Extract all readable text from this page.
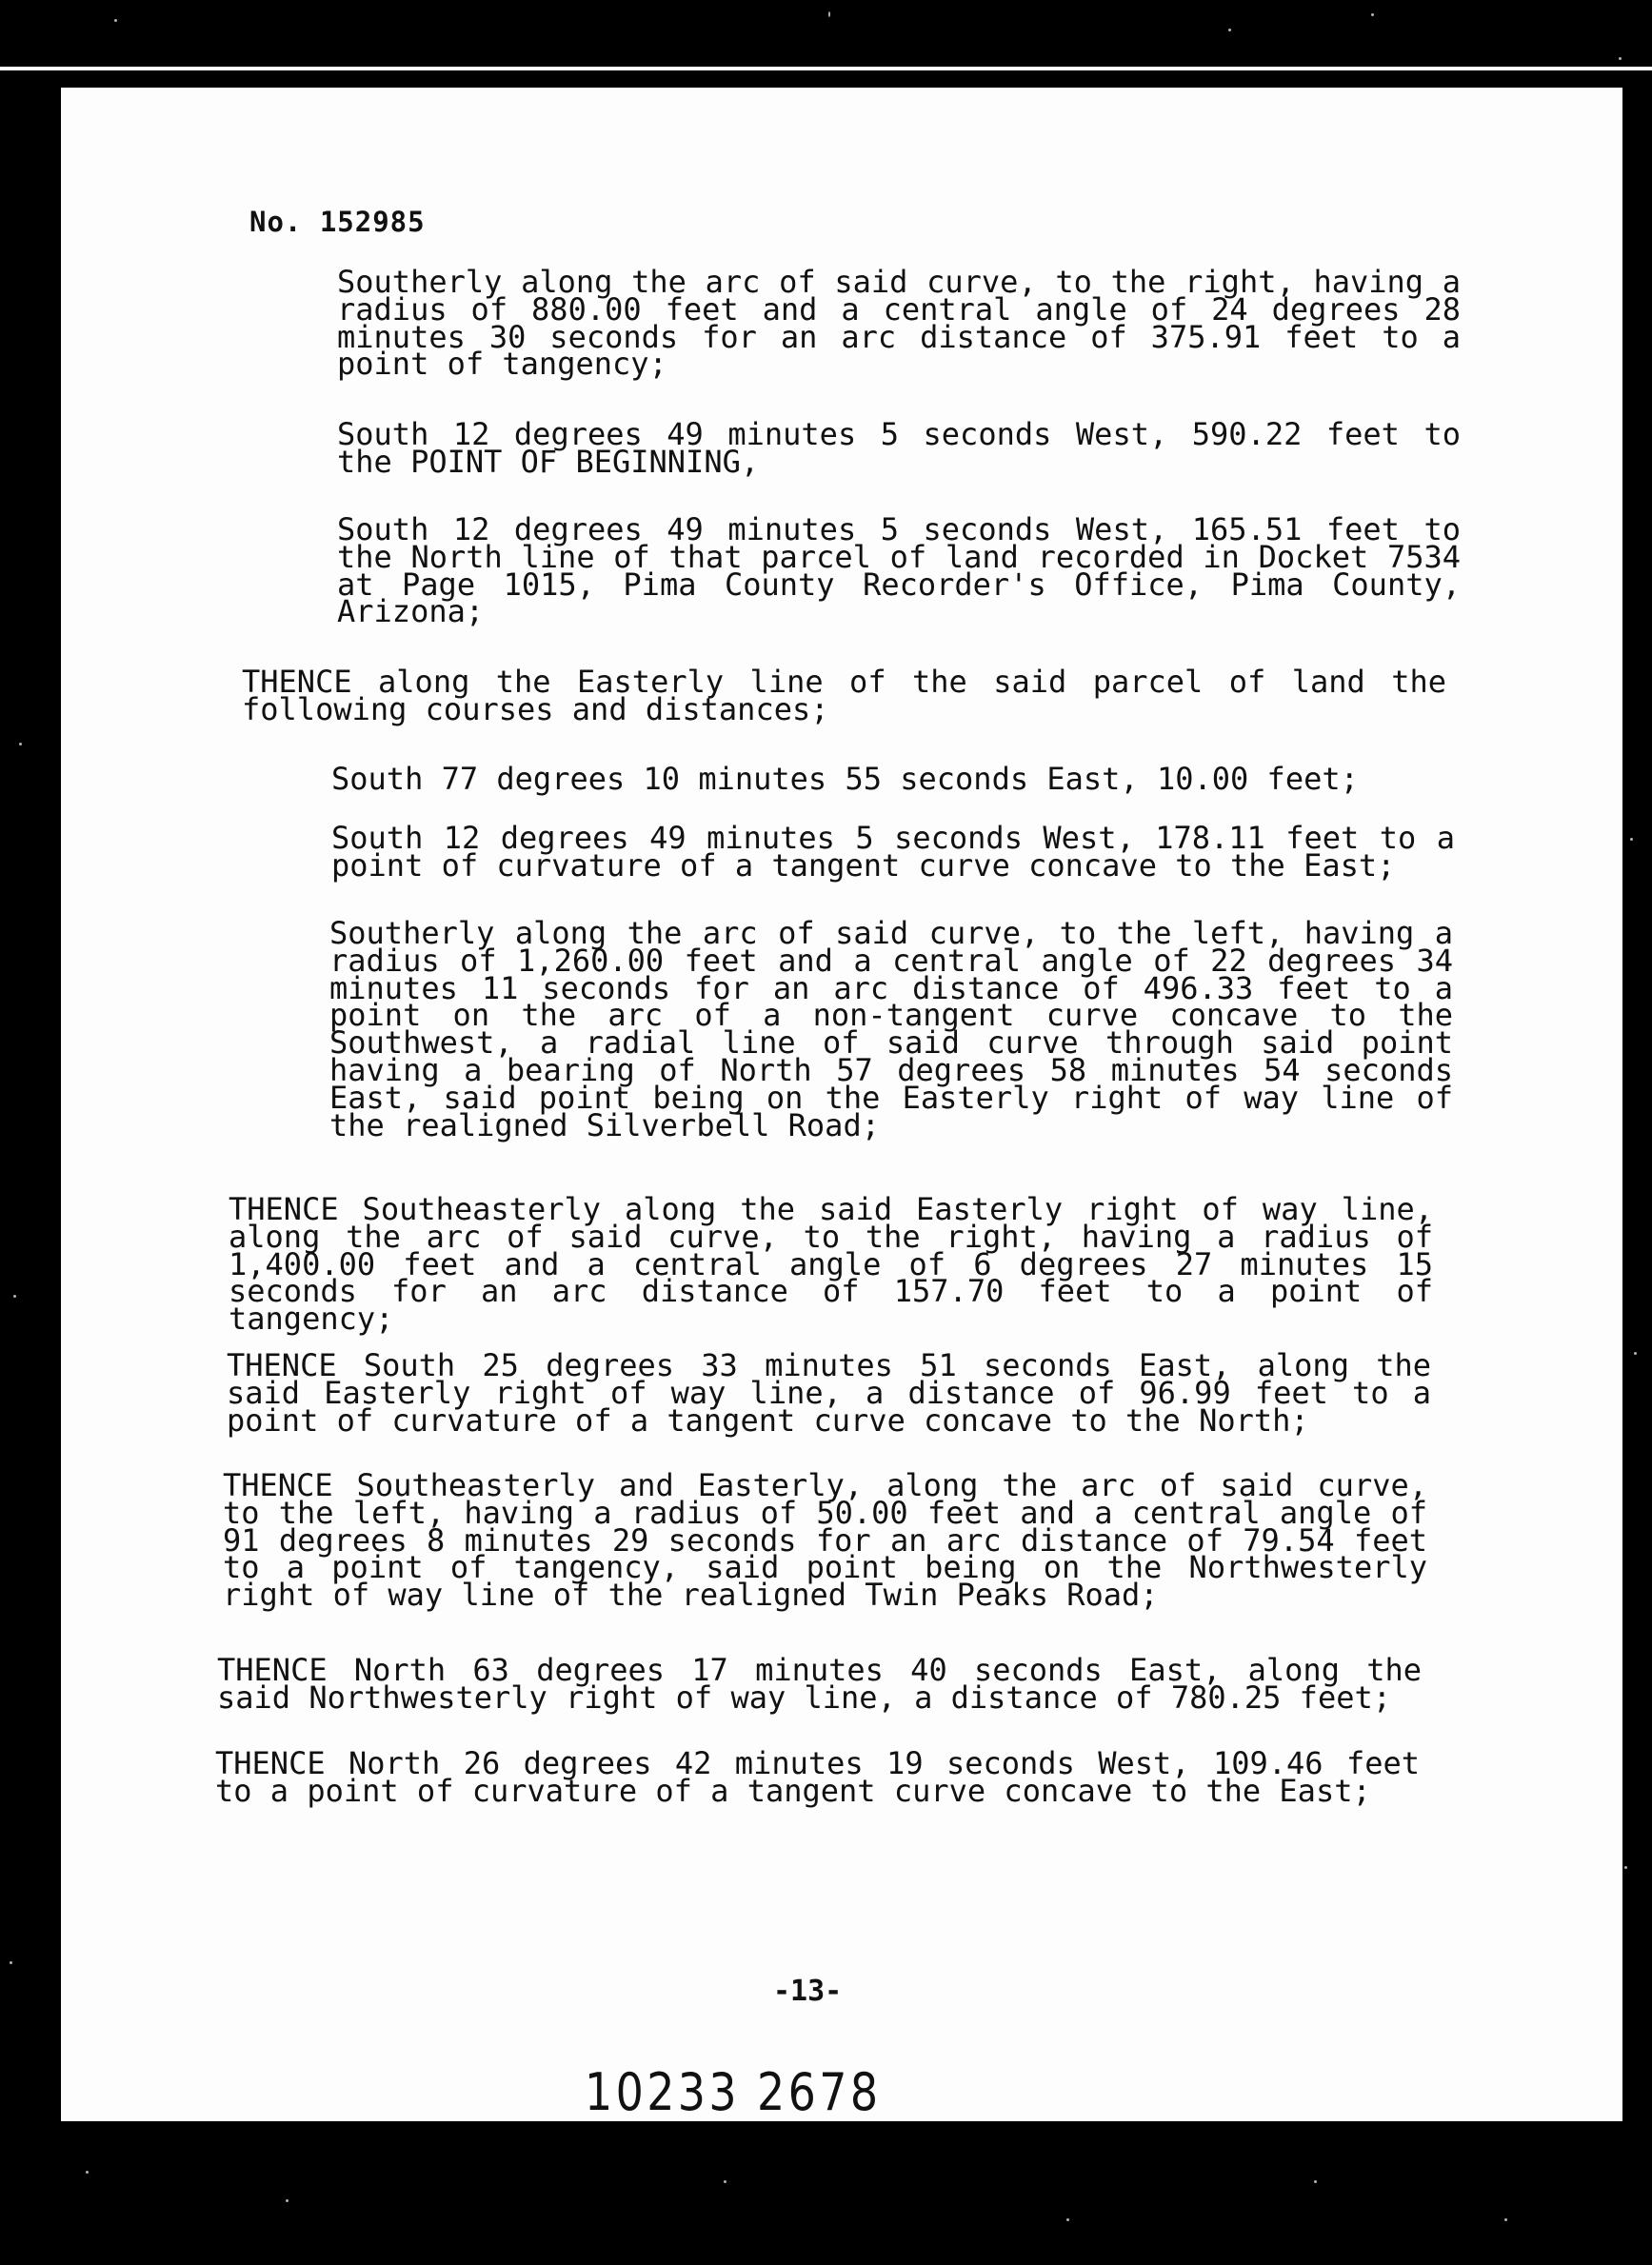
No. 152985

Southerly along the arc of said curve, to the right, having a radius of 880.00 feet and a central angle of 24 degrees 28 minutes 30 seconds for an arc distance of 375.91 feet to a point of tangency;

South 12 degrees 49 minutes 5 seconds West, 590.22 feet to the POINT OF BEGINNING,

South 12 degrees 49 minutes 5 seconds West, 165.51 feet to the North line of that parcel of land recorded in Docket 7534 at Page 1015, Pima County Recorder's Office, Pima County, Arizona;

THENCE along the Easterly line of the said parcel of land the following courses and distances;

South 77 degrees 10 minutes 55 seconds East, 10.00 feet;

South 12 degrees 49 minutes 5 seconds West, 178.11 feet to a point of curvature of a tangent curve concave to the East;

Southerly along the arc of said curve, to the left, having a radius of 1,260.00 feet and a central angle of 22 degrees 34 minutes 11 seconds for an arc distance of 496.33 feet to a point on the arc of a non-tangent curve concave to the Southwest, a radial line of said curve through said point having a bearing of North 57 degrees 58 minutes 54 seconds East, said point being on the Easterly right of way line of the realigned Silverbell Road;

THENCE Southeasterly along the said Easterly right of way line, along the arc of said curve, to the right, having a radius of 1,400.00 feet and a central angle of 6 degrees 27 minutes 15 seconds for an arc distance of 157.70 feet to a point of tangency;

THENCE South 25 degrees 33 minutes 51 seconds East, along the said Easterly right of way line, a distance of 96.99 feet to a point of curvature of a tangent curve concave to the North;

THENCE Southeasterly and Easterly, along the arc of said curve, to the left, having a radius of 50.00 feet and a central angle of 91 degrees 8 minutes 29 seconds for an arc distance of 79.54 feet to a point of tangency, said point being on the Northwesterly right of way line of the realigned Twin Peaks Road;

THENCE North 63 degrees 17 minutes 40 seconds East, along the said Northwesterly right of way line, a distance of 780.25 feet;

THENCE North 26 degrees 42 minutes 19 seconds West, 109.46 feet to a point of curvature of a tangent curve concave to the East;

-13-
10233 2678
